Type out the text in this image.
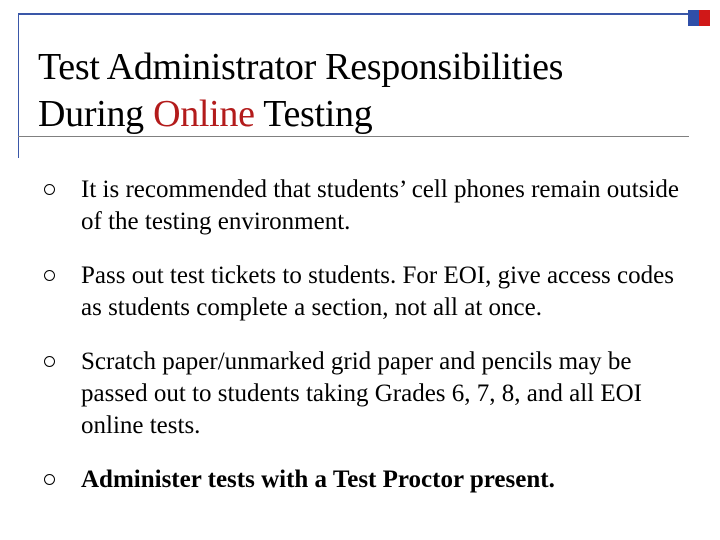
Test Administrator Responsibilities
During Online Testing
It is recommended that students’ cell phones remain outside of the testing environment.
Pass out test tickets to students. For EOI, give access codes as students complete a section, not all at once.
Scratch paper/unmarked grid paper and pencils may be passed out to students taking Grades 6, 7, 8, and all EOI online tests.
Administer tests with a Test Proctor present.
